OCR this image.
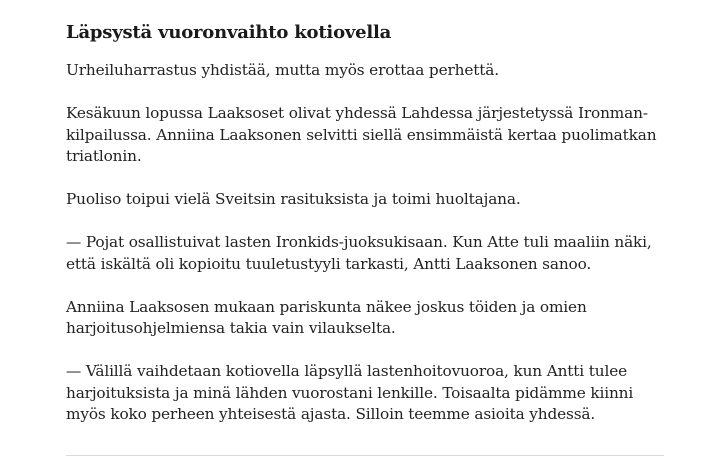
Läpsystä vuoronvaihto kotiovella

Urheiluharrastus yhdistää, mutta myös erottaa perhettä.

Kesäkuun lopussa Laaksoset olivat yhdessä Lahdessa järjestetyssä Ironman-kilpailussa. Anniina Laaksonen selvitti siellä ensimmäistä kertaa puolimatkan triatlonin.

Puoliso toipui vielä Sveitsin rasituksista ja toimi huoltajana.

— Pojat osallistuivat lasten Ironkids-juoksukisaan. Kun Atte tuli maaliin näki, että iskältä oli kopioitu tuuletustyyli tarkasti, Antti Laaksonen sanoo.

Anniina Laaksosen mukaan pariskunta näkee joskus töiden ja omien harjoitusohjelmiensa takia vain vilaukselta.

— Välillä vaihdetaan kotiovella läpsyllä lastenhoitovuoroa, kun Antti tulee harjoituksista ja minä lähden vuorostani lenkille. Toisaalta pidämme kiinni myös koko perheen yhteisestä ajasta. Silloin teemme asioita yhdessä.
